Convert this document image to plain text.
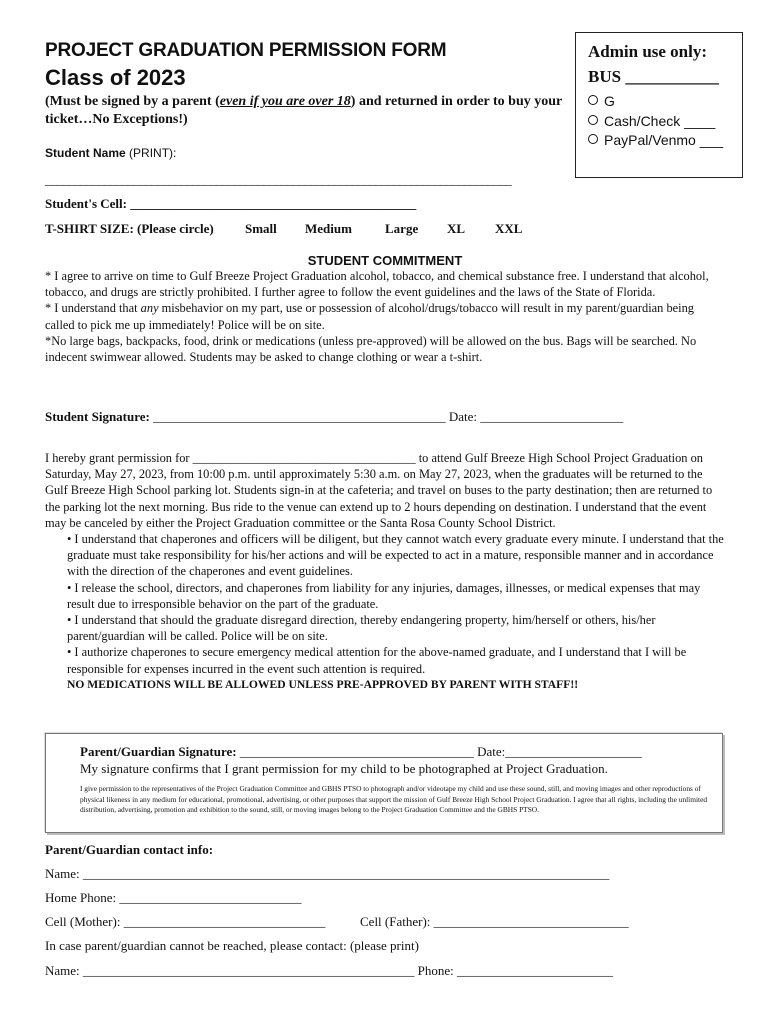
PROJECT GRADUATION PERMISSION FORM
Class of 2023
(Must be signed by a parent (even if you are over 18) and returned in order to buy your ticket…No Exceptions!)
Admin use only:
BUS ___________
G
Cash/Check ____
PayPal/Venmo ___
Student Name (PRINT):
_______________________________________________________________________________
Student's Cell: ____________________________________________
T-SHIRT SIZE: (Please circle) Small Medium	Large XL XXL
STUDENT COMMITMENT

* I agree to arrive on time to Gulf Breeze Project Graduation alcohol, tobacco, and chemical substance free. I understand that alcohol, tobacco, and drugs are strictly prohibited. I further agree to follow the event guidelines and the laws of the State of Florida.

* I understand that any misbehavior on my part, use or possession of alcohol/drugs/tobacco will result in my parent/guardian being called to pick me up immediately! Police will be on site.

*No large bags, backpacks, food, drink or medications (unless pre-approved) will be allowed on the bus. Bags will be searched. No indecent swimwear allowed. Students may be asked to change clothing or wear a t-shirt.

Student Signature: _____________________________________________ Date: ______________________

I hereby grant permission for ____________________________________ to attend Gulf Breeze High School Project Graduation on Saturday, May 27, 2023, from 10:00 p.m. until approximately 5:30 a.m. on May 27, 2023, when the graduates will be returned to the Gulf Breeze High School parking lot. Students sign-in at the cafeteria; and travel on buses to the party destination; then are returned to the parking lot the next morning. Bus ride to the venue can extend up to 2 hours depending on destination. I understand that the event may be canceled by either the Project Graduation committee or the Santa Rosa County School District.

• I understand that chaperones and officers will be diligent, but they cannot watch every graduate every minute. I understand that the graduate must take responsibility for his/her actions and will be expected to act in a mature, responsible manner and in accordance with the direction of the chaperones and event guidelines.

• I release the school, directors, and chaperones from liability for any injuries, damages, illnesses, or medical expenses that may result due to irresponsible behavior on the part of the graduate.

• I understand that should the graduate disregard direction, thereby endangering property, him/herself or others, his/her parent/guardian will be called. Police will be on site.

• I authorize chaperones to secure emergency medical attention for the above-named graduate, and I understand that I will be responsible for expenses incurred in the event such attention is required.

NO MEDICATIONS WILL BE ALLOWED UNLESS PRE-APPROVED BY PARENT WITH STAFF!!

Parent/Guardian Signature: ____________________________________ Date:_____________________
My signature confirms that I grant permission for my child to be photographed at Project Graduation.
I give permission to the representatives of the Project Graduation Committee and GBHS PTSO to photograph and/or videotape my child and use these sound, still, and moving images and other reproductions of physical likeness in any medium for educational, promotional, advertising, or other purposes that support the mission of Gulf Breeze High School Project Graduation. I agree that all rights, including the unlimited distribution, advertising, promotion and exhibition to the sound, still, or moving images belong to the Project Graduation Committee and the GBHS PTSO.
Parent/Guardian contact info:
Name: _________________________________________________________________________________
Home Phone: ____________________________
Cell (Mother): _______________________________	Cell (Father): ______________________________
In case parent/guardian cannot be reached, please contact: (please print)
Name: ___________________________________________________ Phone: ________________________
